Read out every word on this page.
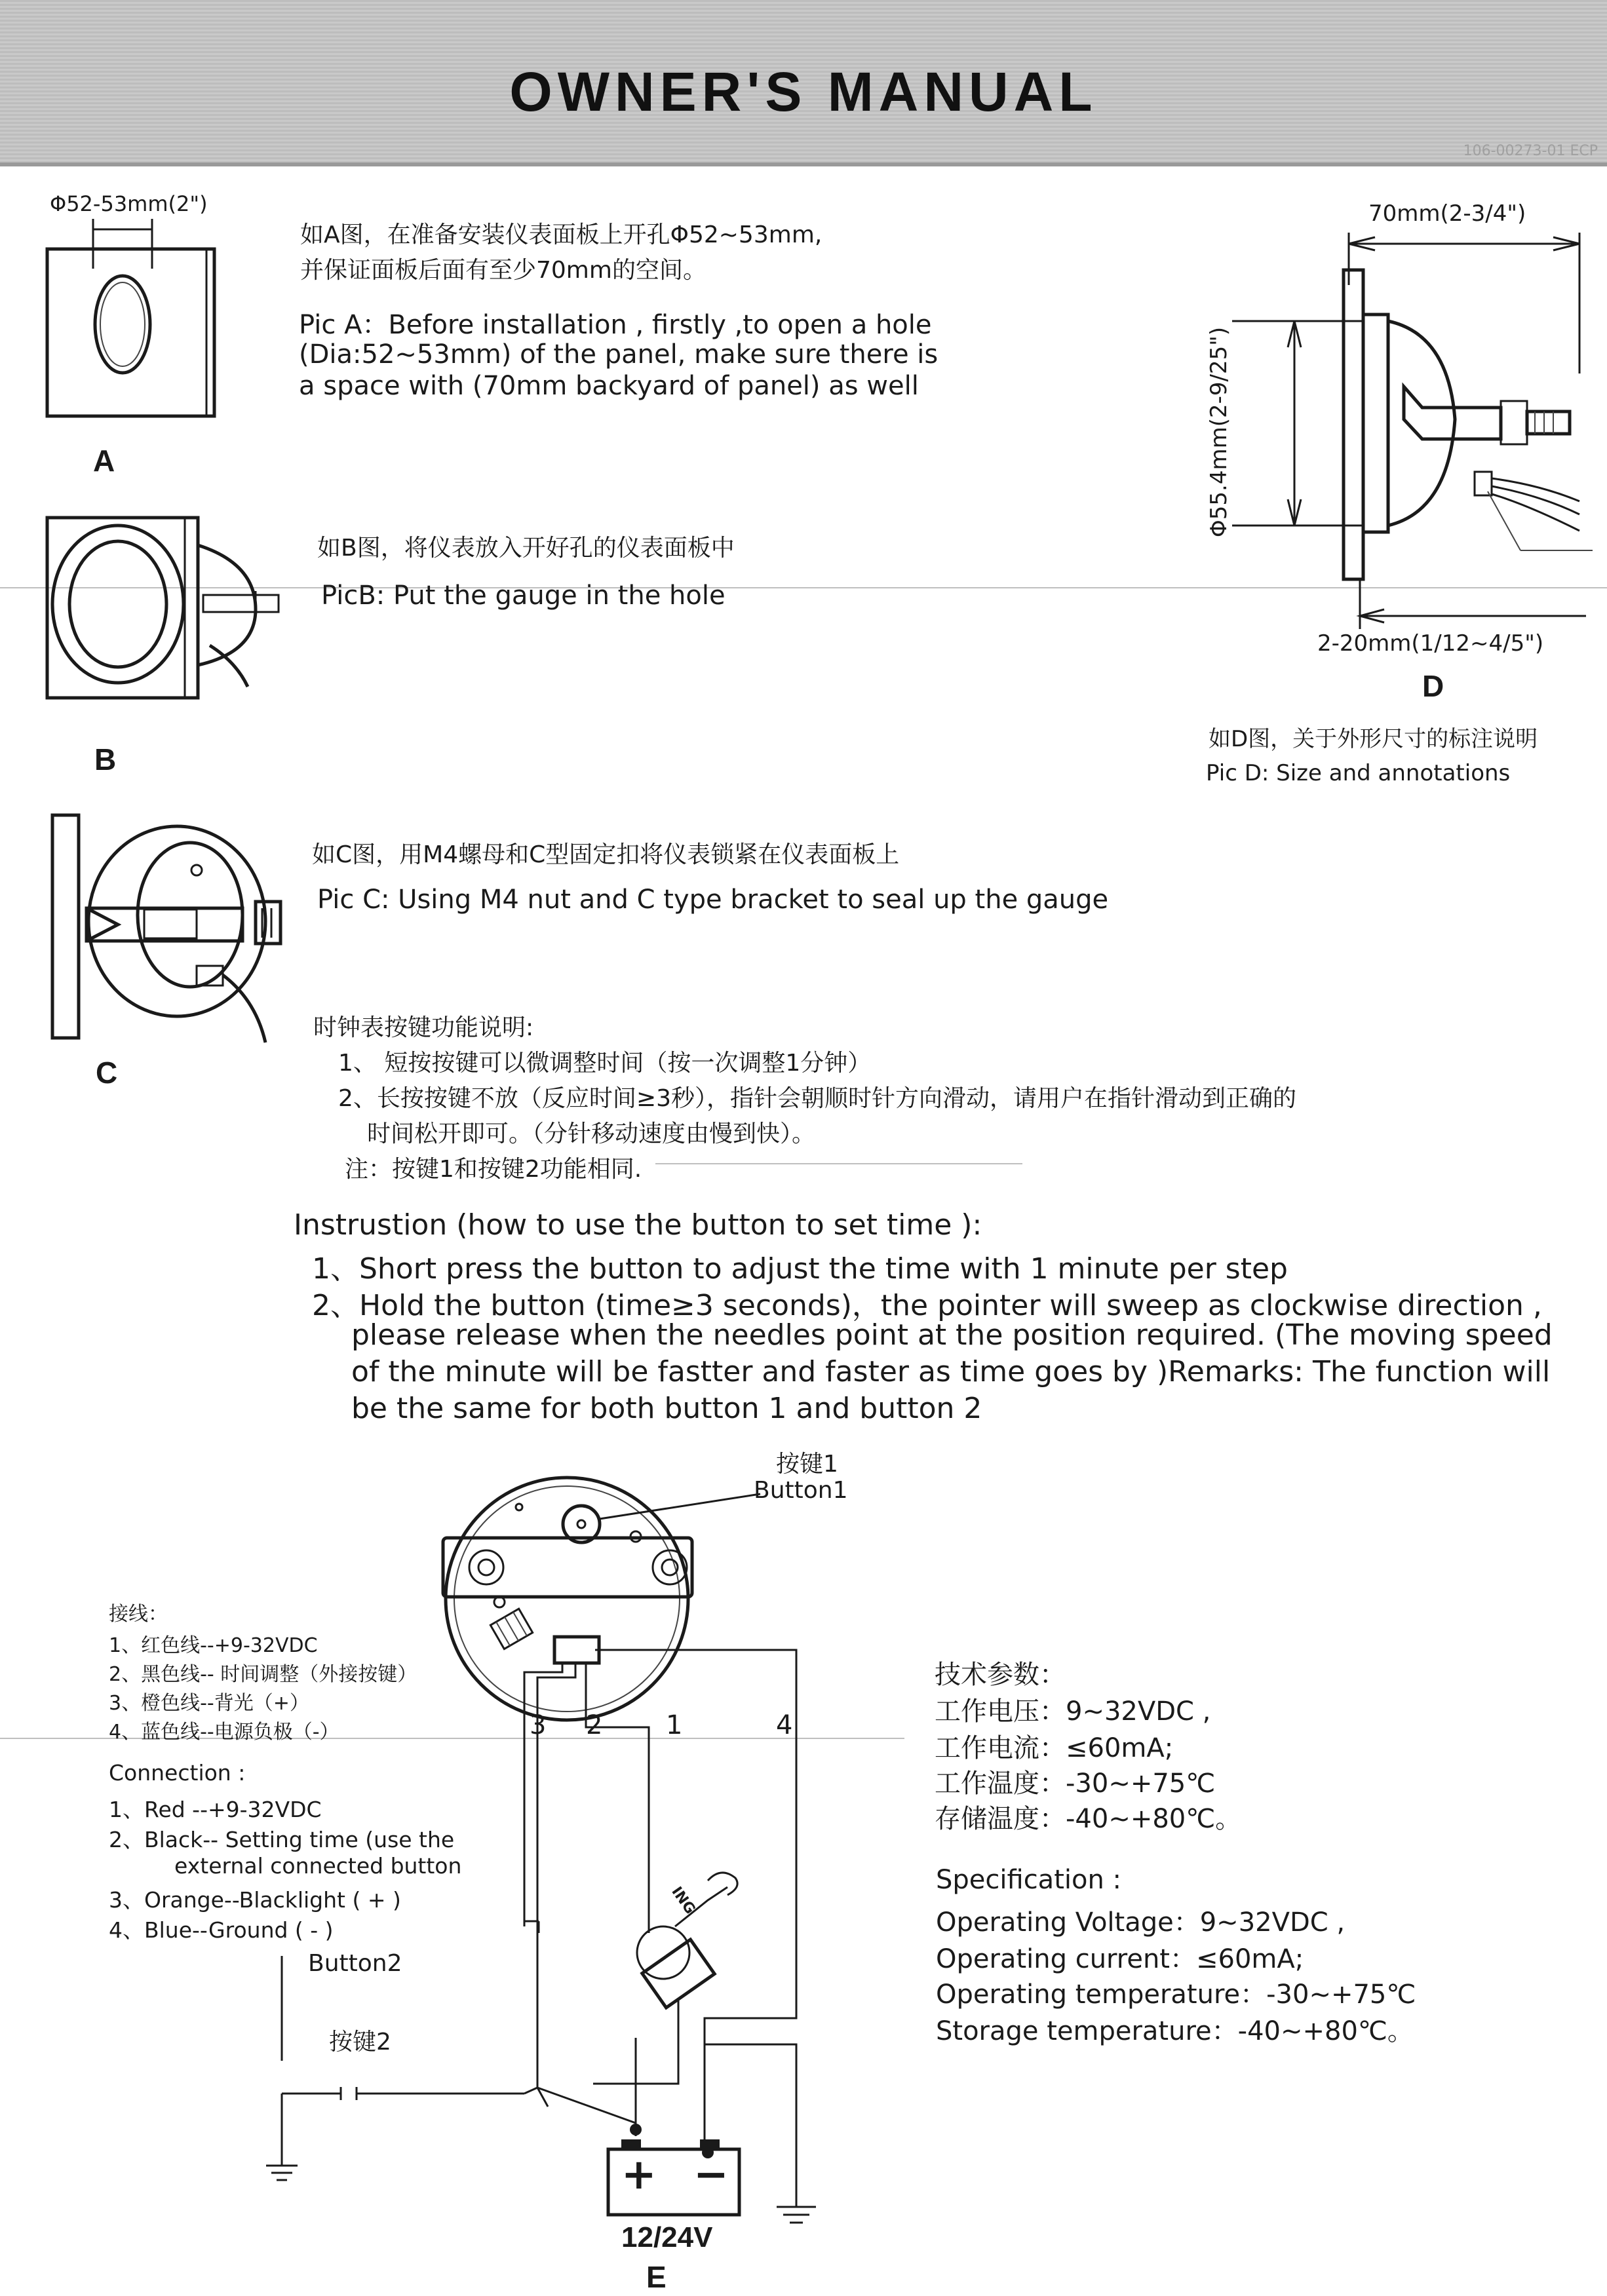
OWNER'S MANUAL
106-00273-01 ECP
Φ52-53mm(2")
A
如A图，在准备安装仪表面板上开孔Φ52~53mm,
并保证面板后面有至少70mm的空间。
Pic A：Before installation , firstly ,to open a hole
(Dia:52~53mm) of the panel, make sure there is
a space with (70mm backyard of panel) as well
B
如B图，将仪表放入开好孔的仪表面板中
PicB: Put the gauge in the hole
C
如C图，用M4螺母和C型固定扣将仪表锁紧在仪表面板上
Pic C: Using M4 nut and C type bracket to seal up the gauge
70mm(2-3/4")
Φ55.4mm(2-9/25")
2-20mm(1/12~4/5")
D
如D图，关于外形尺寸的标注说明
Pic D: Size and annotations
时钟表按键功能说明:
1、 短按按键可以微调整时间（按一次调整1分钟）
2、长按按键不放（反应时间≥3秒），指针会朝顺时针方向滑动，请用户在指针滑动到正确的
时间松开即可。（分针移动速度由慢到快）。
注：按键1和按键2功能相同.
Instrustion (how to use the button to set time ):
1、Short press the button to adjust the time with 1 minute per step
2、Hold the button (time≥3 seconds)，the pointer will sweep as clockwise direction ,
please release when the needles point at the position required. (The moving speed
of the minute will be fastter and faster as time goes by )Remarks: The function will
be the same for both button 1 and button 2
接线：
1、红色线--+9-32VDC
2、黑色线-- 时间调整（外接按键）
3、橙色线--背光（+）
4、蓝色线--电源负极（-）
Connection :
1、Red --+9-32VDC
2、Black-- Setting time (use the
external connected button
3、Orange--Blacklight ( + )
4、Blue--Ground ( - )
按键1
Button1
3 2 1	4
Button2
按键2
ING
+ −
12/24V
E
技术参数：
工作电压：9~32VDC ,
工作电流：≤60mA;
工作温度：-30~+75℃
存储温度：-40~+80℃。
Specification :
Operating Voltage：9~32VDC ,
Operating current：≤60mA;
Operating temperature：-30~+75℃
Storage temperature：-40~+80℃。
